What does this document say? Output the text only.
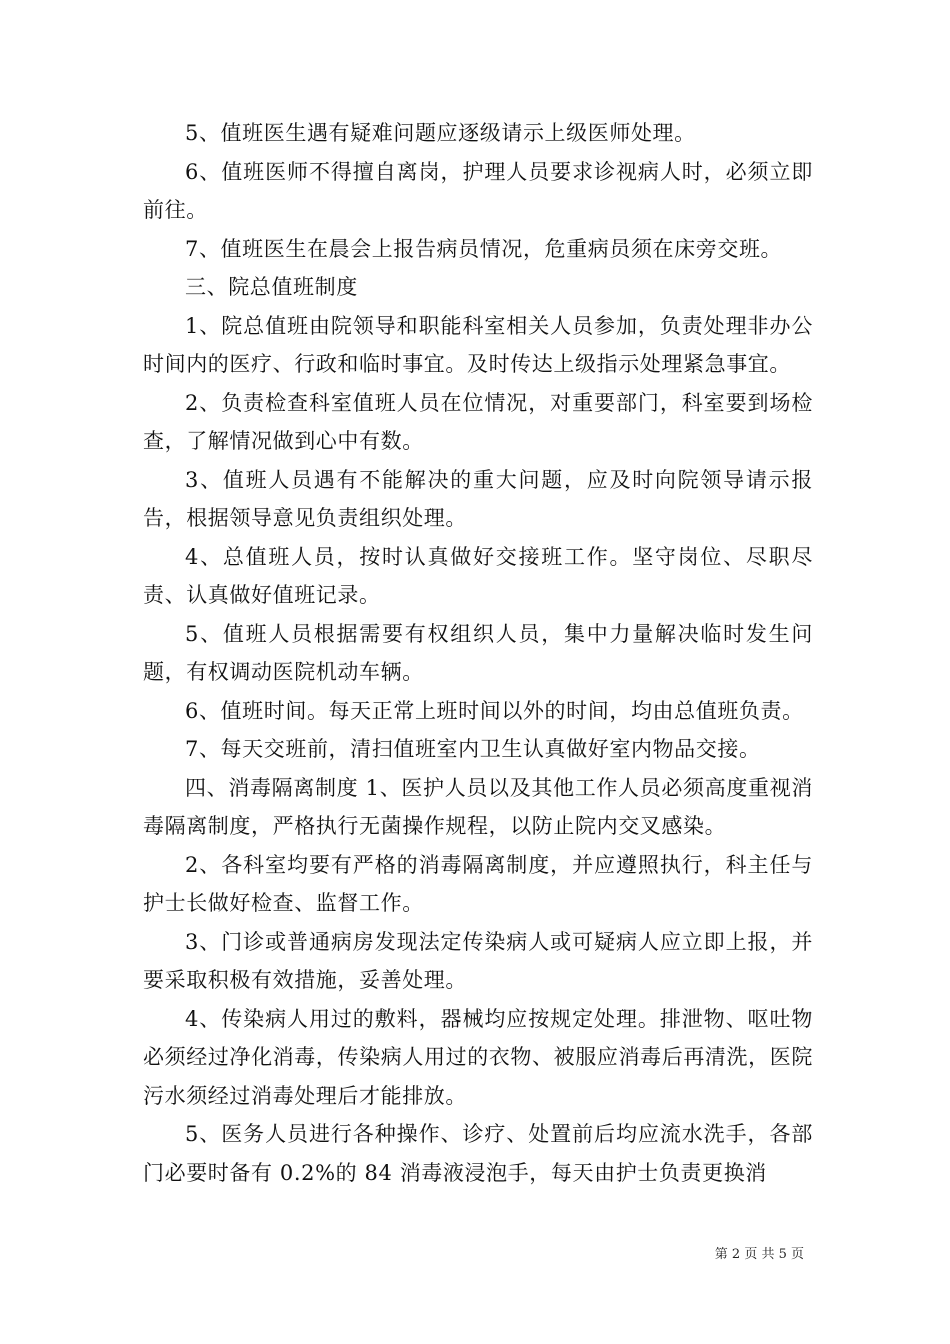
5、值班医生遇有疑难问题应逐级请示上级医师处理。

6、值班医师不得擅自离岗，护理人员要求诊视病人时，必须立即前往。

7、值班医生在晨会上报告病员情况，危重病员须在床旁交班。

三、院总值班制度

1、院总值班由院领导和职能科室相关人员参加，负责处理非办公时间内的医疗、行政和临时事宜。及时传达上级指示处理紧急事宜。

2、负责检查科室值班人员在位情况，对重要部门，科室要到场检查，了解情况做到心中有数。

3、值班人员遇有不能解决的重大问题，应及时向院领导请示报告，根据领导意见负责组织处理。

4、总值班人员，按时认真做好交接班工作。坚守岗位、尽职尽责、认真做好值班记录。

5、值班人员根据需要有权组织人员，集中力量解决临时发生问题，有权调动医院机动车辆。

6、值班时间。每天正常上班时间以外的时间，均由总值班负责。

7、每天交班前，清扫值班室内卫生认真做好室内物品交接。

四、消毒隔离制度 1、医护人员以及其他工作人员必须高度重视消毒隔离制度，严格执行无菌操作规程，以防止院内交叉感染。

2、各科室均要有严格的消毒隔离制度，并应遵照执行，科主任与护士长做好检查、监督工作。

3、门诊或普通病房发现法定传染病人或可疑病人应立即上报，并要采取积极有效措施，妥善处理。

4、传染病人用过的敷料，器械均应按规定处理。排泄物、呕吐物必须经过净化消毒，传染病人用过的衣物、被服应消毒后再清洗，医院污水须经过消毒处理后才能排放。

5、医务人员进行各种操作、诊疗、处置前后均应流水洗手，各部门必要时备有 0.2%的 84 消毒液浸泡手，每天由护士负责更换消

第 2 页 共 5 页
